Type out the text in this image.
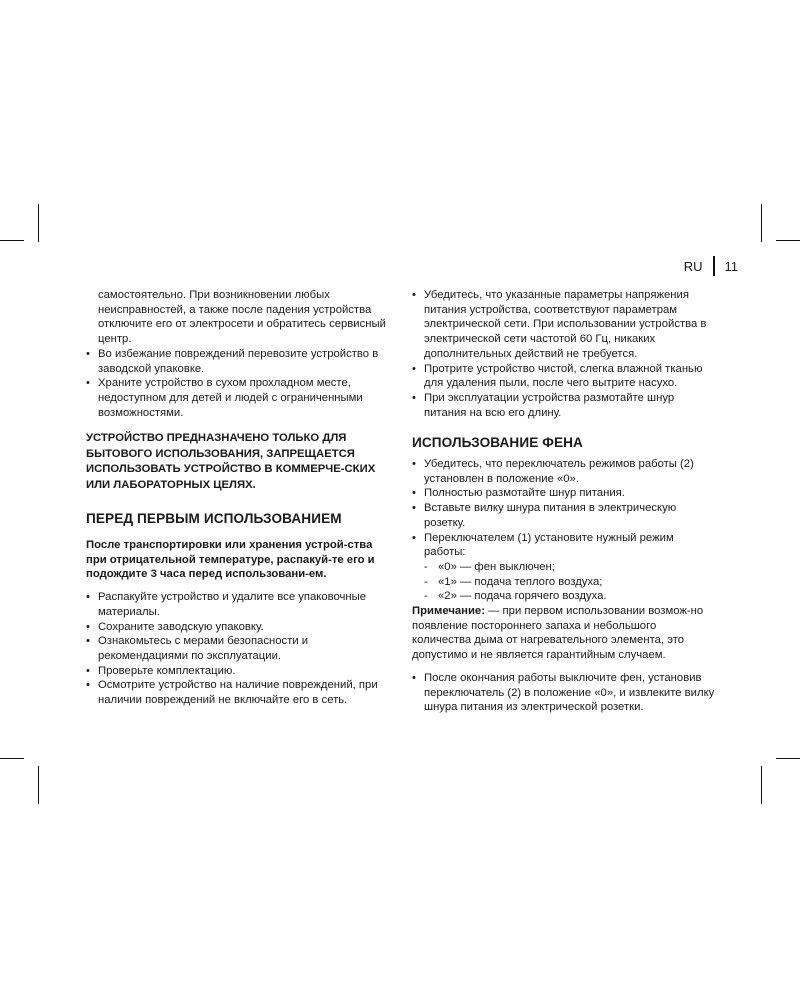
RU 11

самостоятельно. При возникновении любых неисправностей, а также после падения устройства отключите его от электросети и обратитесь сервисный центр.

• Во избежание повреждений перевозите устройство в заводской упаковке.
• Храните устройство в сухом прохладном месте, недоступном для детей и людей с ограниченными возможностями.

УСТРОЙСТВО ПРЕДНАЗНАЧЕНО ТОЛЬКО ДЛЯ БЫТОВОГО ИСПОЛЬЗОВАНИЯ, ЗАПРЕЩАЕТСЯ ИСПОЛЬЗОВАТЬ УСТРОЙСТВО В КОММЕРЧЕ-СКИХ ИЛИ ЛАБОРАТОРНЫХ ЦЕЛЯХ.

ПЕРЕД ПЕРВЫМ ИСПОЛЬЗОВАНИЕМ

После транспортировки или хранения устрой-ства при отрицательной температуре, распакуй-те его и подождите 3 часа перед использовани-ем.

• Распакуйте устройство и удалите все упаковочные материалы.
• Сохраните заводскую упаковку.
• Ознакомьтесь с мерами безопасности и рекомендациями по эксплуатации.
• Проверьте комплектацию.
• Осмотрите устройство на наличие повреждений, при наличии повреждений не включайте его в сеть.
• Убедитесь, что указанные параметры напряжения питания устройства, соответствуют параметрам электрической сети. При использовании устройства в электрической сети частотой 60 Гц, никаких дополнительных действий не требуется.
• Протрите устройство чистой, слегка влажной тканью для удаления пыли, после чего вытрите насухо.
• При эксплуатации устройства размотайте шнур питания на всю его длину.
ИСПОЛЬЗОВАНИЕ ФЕНА
• Убедитесь, что переключатель режимов работы (2) установлен в положение «0».
• Полностью размотайте шнур питания.
• Вставьте вилку шнура питания в электрическую розетку.
• Переключателем (1) установите нужный режим работы:
- «0» — фен выключен;
- «1» — подача теплого воздуха;
- «2» — подача горячего воздуха.

Примечание: — при первом использовании возмож-но появление постороннего запаха и небольшого количества дыма от нагревательного элемента, это допустимо и не является гарантийным случаем.

• После окончания работы выключите фен, установив переключатель (2) в положение «0», и извлеките вилку шнура питания из электрической розетки.
